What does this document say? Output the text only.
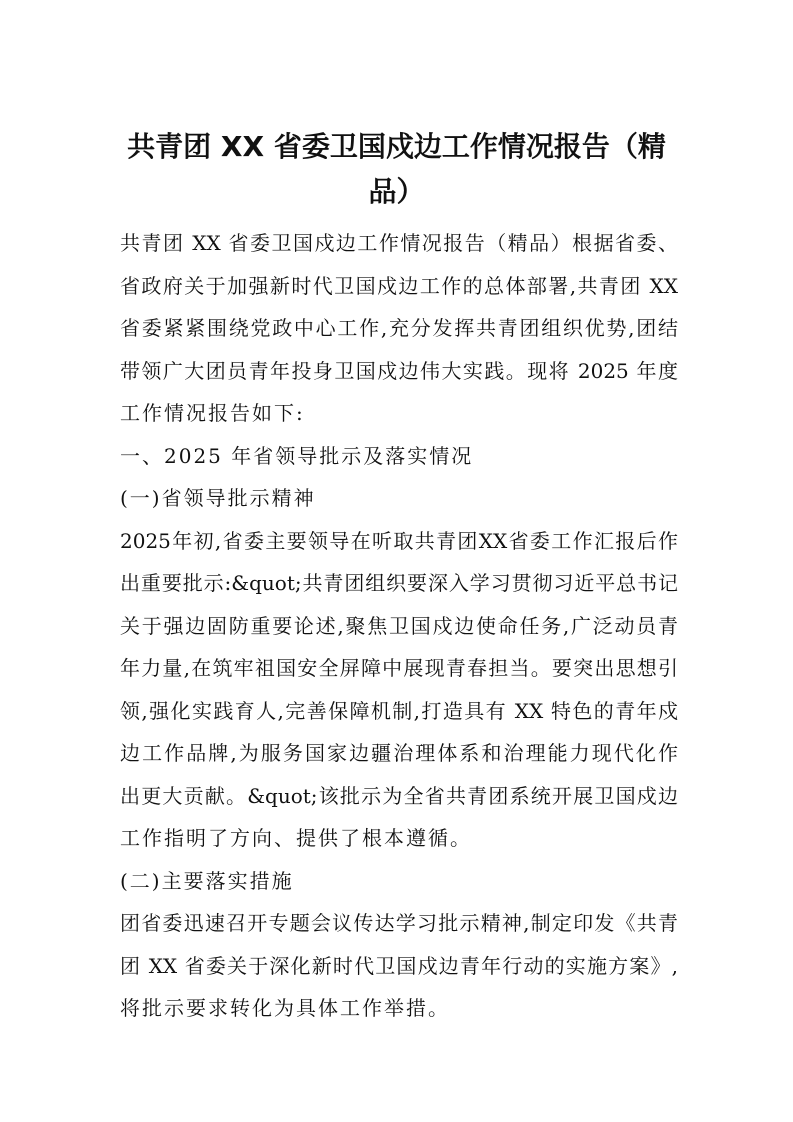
共青团 XX 省委卫国戍边工作情况报告（精
品）
共青团 XX 省委卫国戍边工作情况报告（精品）根据省委、
省政府关于加强新时代卫国戍边工作的总体部署,共青团 XX
省委紧紧围绕党政中心工作,充分发挥共青团组织优势,团结
带领广大团员青年投身卫国戍边伟大实践。现将 2025 年度
工作情况报告如下:
一、2025 年省领导批示及落实情况
(一)省领导批示精神
2025年初,省委主要领导在听取共青团XX省委工作汇报后作
出重要批示:&quot;共青团组织要深入学习贯彻习近平总书记
关于强边固防重要论述,聚焦卫国戍边使命任务,广泛动员青
年力量,在筑牢祖国安全屏障中展现青春担当。要突出思想引
领,强化实践育人,完善保障机制,打造具有 XX 特色的青年戍
边工作品牌,为服务国家边疆治理体系和治理能力现代化作
出更大贡献。&quot;该批示为全省共青团系统开展卫国戍边
工作指明了方向、提供了根本遵循。
(二)主要落实措施
团省委迅速召开专题会议传达学习批示精神,制定印发《共青
团 XX 省委关于深化新时代卫国戍边青年行动的实施方案》,
将批示要求转化为具体工作举措。
